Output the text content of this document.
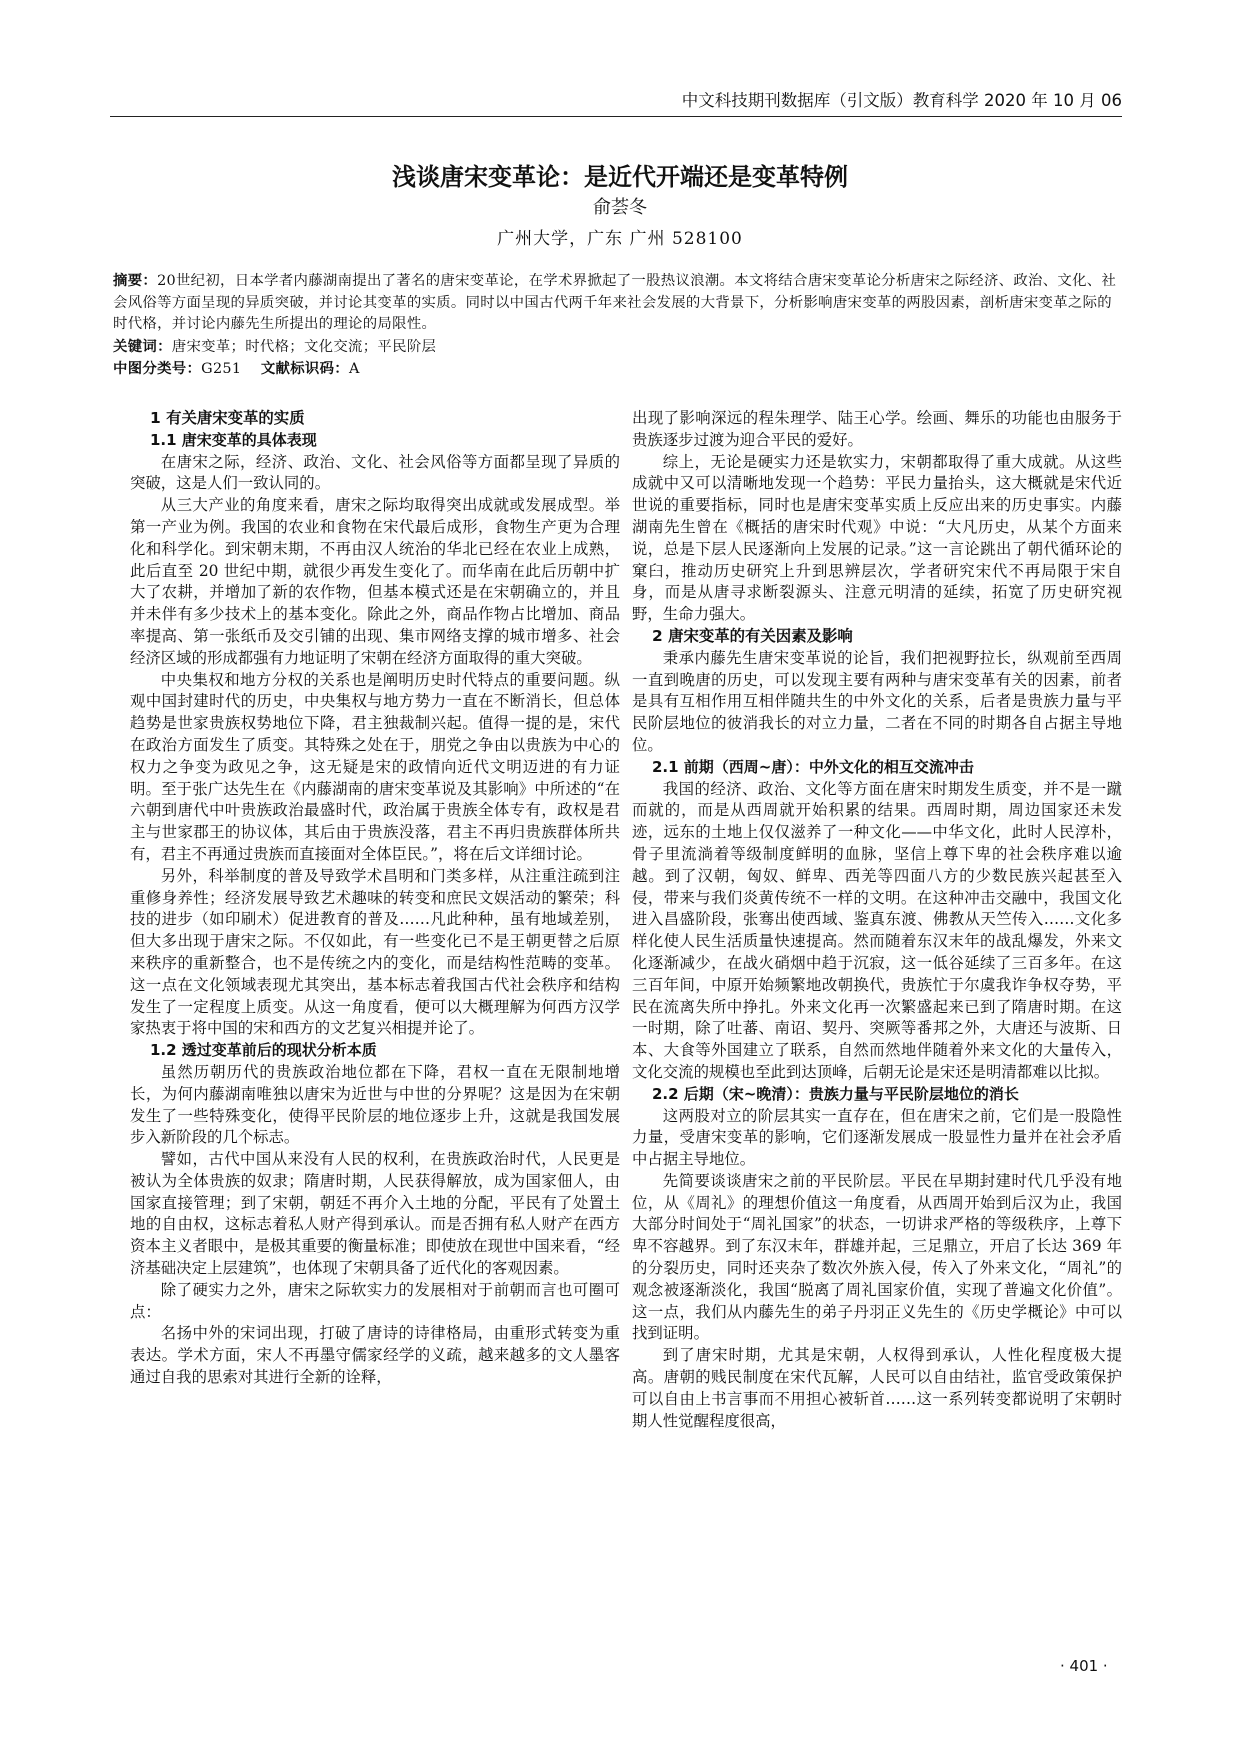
中文科技期刊数据库（引文版）教育科学 2020 年 10 月 06
浅谈唐宋变革论：是近代开端还是变革特例
俞荟冬
广州大学，广东 广州 528100

摘要：20世纪初，日本学者内藤湖南提出了著名的唐宋变革论，在学术界掀起了一股热议浪潮。本文将结合唐宋变革论分析唐宋之际经济、政治、文化、社会风俗等方面呈现的异质突破，并讨论其变革的实质。同时以中国古代两千年来社会发展的大背景下，分析影响唐宋变革的两股因素，剖析唐宋变革之际的时代格，并讨论内藤先生所提出的理论的局限性。

关键词：唐宋变革；时代格；文化交流；平民阶层

中图分类号：G251 文献标识码：A

1 有关唐宋变革的实质
1.1 唐宋变革的具体表现

在唐宋之际，经济、政治、文化、社会风俗等方面都呈现了异质的突破，这是人们一致认同的。

从三大产业的角度来看，唐宋之际均取得突出成就或发展成型。举第一产业为例。我国的农业和食物在宋代最后成形，食物生产更为合理化和科学化。到宋朝末期，不再由汉人统治的华北已经在农业上成熟，此后直至 20 世纪中期，就很少再发生变化了。而华南在此后历朝中扩大了农耕，并增加了新的农作物，但基本模式还是在宋朝确立的，并且并未伴有多少技术上的基本变化。除此之外，商品作物占比增加、商品率提高、第一张纸币及交引铺的出现、集市网络支撑的城市增多、社会经济区域的形成都强有力地证明了宋朝在经济方面取得的重大突破。

中央集权和地方分权的关系也是阐明历史时代特点的重要问题。纵观中国封建时代的历史，中央集权与地方势力一直在不断消长，但总体趋势是世家贵族权势地位下降，君主独裁制兴起。值得一提的是，宋代在政治方面发生了质变。其特殊之处在于，朋党之争由以贵族为中心的权力之争变为政见之争，这无疑是宋的政情向近代文明迈进的有力证明。至于张广达先生在《内藤湖南的唐宋变革说及其影响》中所述的“在六朝到唐代中叶贵族政治最盛时代，政治属于贵族全体专有，政权是君主与世家郡王的协议体，其后由于贵族没落，君主不再归贵族群体所共有，君主不再通过贵族而直接面对全体臣民。”，将在后文详细讨论。

另外，科举制度的普及导致学术昌明和门类多样，从注重注疏到注重修身养性；经济发展导致艺术趣味的转变和庶民文娱活动的繁荣；科技的进步（如印刷术）促进教育的普及……凡此种种，虽有地域差别，但大多出现于唐宋之际。不仅如此，有一些变化已不是王朝更替之后原来秩序的重新整合，也不是传统之内的变化，而是结构性范畴的变革。这一点在文化领域表现尤其突出，基本标志着我国古代社会秩序和结构发生了一定程度上质变。从这一角度看，便可以大概理解为何西方汉学家热衷于将中国的宋和西方的文艺复兴相提并论了。

1.2 透过变革前后的现状分析本质

虽然历朝历代的贵族政治地位都在下降，君权一直在无限制地增长，为何内藤湖南唯独以唐宋为近世与中世的分界呢？这是因为在宋朝发生了一些特殊变化，使得平民阶层的地位逐步上升，这就是我国发展步入新阶段的几个标志。

譬如，古代中国从来没有人民的权利，在贵族政治时代，人民更是被认为全体贵族的奴隶；隋唐时期，人民获得解放，成为国家佃人，由国家直接管理；到了宋朝，朝廷不再介入土地的分配，平民有了处置土地的自由权，这标志着私人财产得到承认。而是否拥有私人财产在西方资本主义者眼中，是极其重要的衡量标准；即使放在现世中国来看，“经济基础决定上层建筑”，也体现了宋朝具备了近代化的客观因素。

除了硬实力之外，唐宋之际软实力的发展相对于前朝而言也可圈可点：

名扬中外的宋词出现，打破了唐诗的诗律格局，由重形式转变为重表达。学术方面，宋人不再墨守儒家经学的义疏，越来越多的文人墨客通过自我的思索对其进行全新的诠释，

出现了影响深远的程朱理学、陆王心学。绘画、舞乐的功能也由服务于贵族逐步过渡为迎合平民的爱好。

综上，无论是硬实力还是软实力，宋朝都取得了重大成就。从这些成就中又可以清晰地发现一个趋势：平民力量抬头，这大概就是宋代近世说的重要指标，同时也是唐宋变革实质上反应出来的历史事实。内藤湖南先生曾在《概括的唐宋时代观》中说：“大凡历史，从某个方面来说，总是下层人民逐渐向上发展的记录。”这一言论跳出了朝代循环论的窠臼，推动历史研究上升到思辨层次，学者研究宋代不再局限于宋自身，而是从唐寻求断裂源头、注意元明清的延续，拓宽了历史研究视野，生命力强大。

2 唐宋变革的有关因素及影响

秉承内藤先生唐宋变革说的论旨，我们把视野拉长，纵观前至西周一直到晚唐的历史，可以发现主要有两种与唐宋变革有关的因素，前者是具有互相作用互相伴随共生的中外文化的关系，后者是贵族力量与平民阶层地位的彼消我长的对立力量，二者在不同的时期各自占据主导地位。

2.1 前期（西周~唐）：中外文化的相互交流冲击

我国的经济、政治、文化等方面在唐宋时期发生质变，并不是一蹴而就的，而是从西周就开始积累的结果。西周时期，周边国家还未发迹，远东的土地上仅仅滋养了一种文化——中华文化，此时人民淳朴，骨子里流淌着等级制度鲜明的血脉，坚信上尊下卑的社会秩序难以逾越。到了汉朝，匈奴、鲜卑、西羌等四面八方的少数民族兴起甚至入侵，带来与我们炎黄传统不一样的文明。在这种冲击交融中，我国文化进入昌盛阶段，张骞出使西域、鉴真东渡、佛教从天竺传入……文化多样化使人民生活质量快速提高。然而随着东汉末年的战乱爆发，外来文化逐渐减少，在战火硝烟中趋于沉寂，这一低谷延续了三百多年。在这三百年间，中原开始频繁地改朝换代，贵族忙于尔虞我诈争权夺势，平民在流离失所中挣扎。外来文化再一次繁盛起来已到了隋唐时期。在这一时期，除了吐蕃、南诏、契丹、突厥等番邦之外，大唐还与波斯、日本、大食等外国建立了联系，自然而然地伴随着外来文化的大量传入，文化交流的规模也至此到达顶峰，后朝无论是宋还是明清都难以比拟。

2.2 后期（宋~晚清）：贵族力量与平民阶层地位的消长

这两股对立的阶层其实一直存在，但在唐宋之前，它们是一股隐性力量，受唐宋变革的影响，它们逐渐发展成一股显性力量并在社会矛盾中占据主导地位。

先简要谈谈唐宋之前的平民阶层。平民在早期封建时代几乎没有地位，从《周礼》的理想价值这一角度看，从西周开始到后汉为止，我国大部分时间处于“周礼国家”的状态，一切讲求严格的等级秩序，上尊下卑不容越界。到了东汉末年，群雄并起，三足鼎立，开启了长达 369 年的分裂历史，同时还夹杂了数次外族入侵，传入了外来文化，“周礼”的观念被逐渐淡化，我国“脱离了周礼国家价值，实现了普遍文化价值”。这一点，我们从内藤先生的弟子丹羽正义先生的《历史学概论》中可以找到证明。

到了唐宋时期，尤其是宋朝，人权得到承认，人性化程度极大提高。唐朝的贱民制度在宋代瓦解，人民可以自由结社，监官受政策保护可以自由上书言事而不用担心被斩首……这一系列转变都说明了宋朝时期人性觉醒程度很高，

· 401 ·
